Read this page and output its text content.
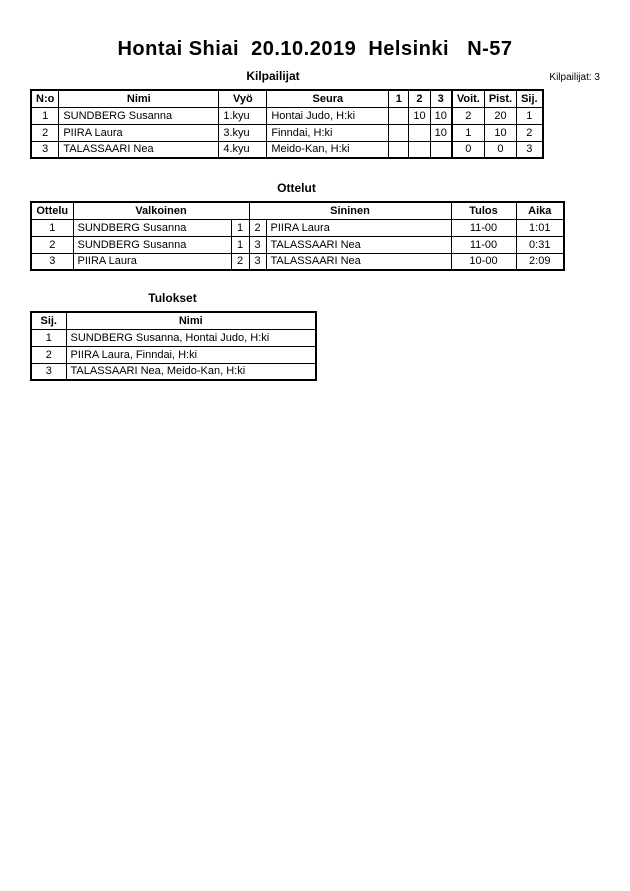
Hontai Shiai  20.10.2019  Helsinki   N-57
Kilpailijat	Kilpailijat: 3
N:o	Nimi	Vyö	Seura	1	2	3	Voit.	Pist.	Sij.
1	SUNDBERG Susanna	1.kyu	Hontai Judo, H:ki		10	10	2	20	1
2	PIIRA Laura	3.kyu	Finndai, H:ki			10	1	10	2
3	TALASSAARI Nea	4.kyu	Meido-Kan, H:ki				0	0	3
Ottelut
Ottelu	Valkoinen		Sininen		Tulos	Aika
1	SUNDBERG Susanna	1	2	PIIRA Laura	11-00	1:01
2	SUNDBERG Susanna	1	3	TALASSAARI Nea	11-00	0:31
3	PIIRA Laura	2	3	TALASSAARI Nea	10-00	2:09
Tulokset
Sij.	Nimi
1	SUNDBERG Susanna, Hontai Judo, H:ki
2	PIIRA Laura, Finndai, H:ki
3	TALASSAARI Nea, Meido-Kan, H:ki
